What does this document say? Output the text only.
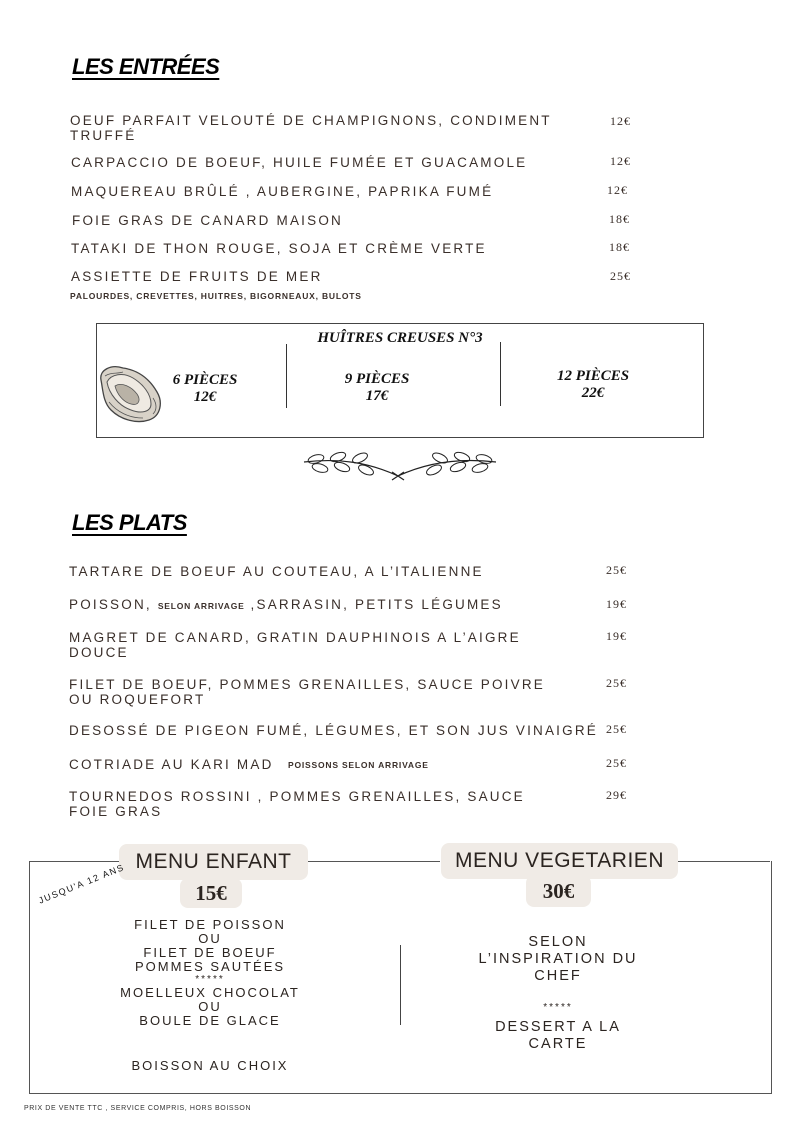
LES ENTRÉES
OEUF PARFAIT VELOUTÉ DE CHAMPIGNONS, CONDIMENT
TRUFFÉ
12€
CARPACCIO DE BOEUF, HUILE FUMÉE ET GUACAMOLE	12€
MAQUEREAU BRÛLÉ , AUBERGINE, PAPRIKA FUMÉ	12€
FOIE GRAS DE CANARD MAISON	18€
TATAKI DE THON ROUGE, SOJA ET CRÈME VERTE	18€
ASSIETTE DE FRUITS DE MER
PALOURDES, CREVETTES, HUITRES, BIGORNEAUX, BULOTS
25€
HUÎTRES CREUSES N°3
6 PIÈCES
12€
9 PIÈCES
17€
12 PIÈCES
22€
LES PLATS
TARTARE DE BOEUF AU COUTEAU, A L’ITALIENNE	25€
POISSON, SELON ARRIVAGE ,SARRASIN, PETITS LÉGUMES	19€
MAGRET DE CANARD, GRATIN DAUPHINOIS A L’AIGRE
DOUCE
19€
FILET DE BOEUF, POMMES GRENAILLES, SAUCE POIVRE
OU ROQUEFORT
25€
DESOSSÉ DE PIGEON FUMÉ, LÉGUMES, ET SON JUS VINAIGRÉ 25€
COTRIADE AU KARI MAD POISSONS SELON ARRIVAGE	25€
TOURNEDOS ROSSINI , POMMES GRENAILLES, SAUCE
FOIE GRAS
29€
MENU ENFANT
15€
MENU VEGETARIEN
30€
JUSQU'A 12 ANS
FILET DE POISSON
OU
FILET DE BOEUF
POMMES SAUTÉES
*****
MOELLEUX CHOCOLAT
OU
BOULE DE GLACE
BOISSON AU CHOIX
SELON
L’INSPIRATION DU
CHEF
*****
DESSERT A LA
CARTE
PRIX DE VENTE TTC , SERVICE COMPRIS, HORS BOISSON
